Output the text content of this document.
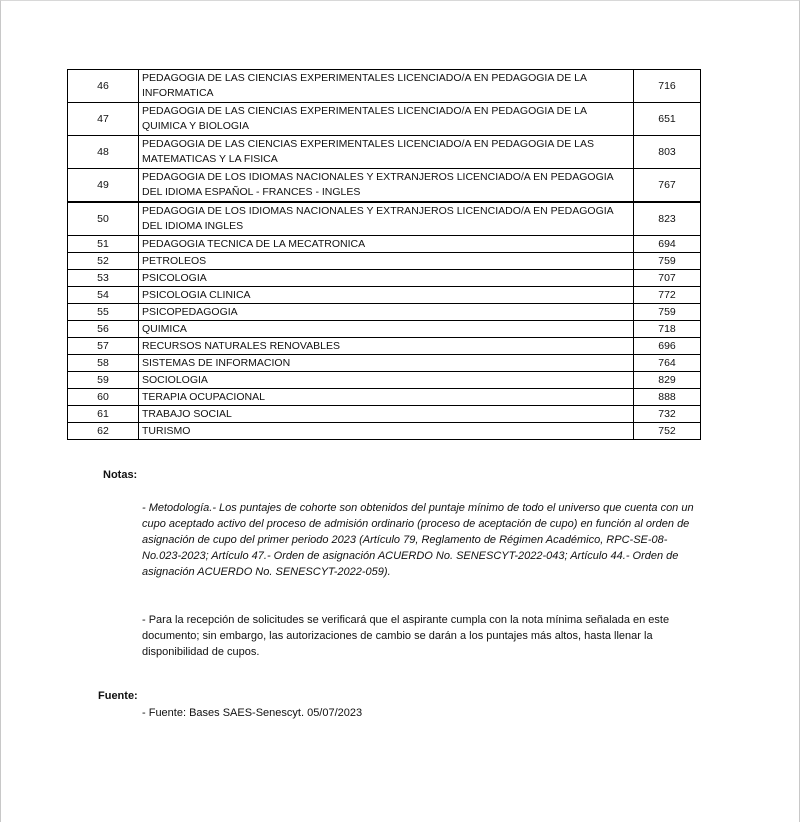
46	PEDAGOGIA DE LAS CIENCIAS EXPERIMENTALES LICENCIADO/A EN PEDAGOGIA DE LA INFORMATICA	716
47	PEDAGOGIA DE LAS CIENCIAS EXPERIMENTALES LICENCIADO/A EN PEDAGOGIA DE LA QUIMICA Y BIOLOGIA	651
48	PEDAGOGIA DE LAS CIENCIAS EXPERIMENTALES LICENCIADO/A EN PEDAGOGIA DE LAS MATEMATICAS Y LA FISICA	803
49	PEDAGOGIA DE LOS IDIOMAS NACIONALES Y EXTRANJEROS LICENCIADO/A EN PEDAGOGIA DEL IDIOMA ESPAÑOL - FRANCES - INGLES	767
50	PEDAGOGIA DE LOS IDIOMAS NACIONALES Y EXTRANJEROS LICENCIADO/A EN PEDAGOGIA DEL IDIOMA INGLES	823
51	PEDAGOGIA TECNICA DE LA MECATRONICA	694
52	PETROLEOS	759
53	PSICOLOGIA	707
54	PSICOLOGIA CLINICA	772
55	PSICOPEDAGOGIA	759
56	QUIMICA	718
57	RECURSOS NATURALES RENOVABLES	696
58	SISTEMAS DE INFORMACION	764
59	SOCIOLOGIA	829
60	TERAPIA OCUPACIONAL	888
61	TRABAJO SOCIAL	732
62	TURISMO	752
Notas:
- Metodología.- Los puntajes de cohorte son obtenidos del puntaje mínimo de todo el universo que cuenta con un cupo aceptado activo del proceso de admisión ordinario (proceso de aceptación de cupo) en función al orden de asignación de cupo del primer periodo 2023 (Artículo 79, Reglamento de Régimen Académico, RPC-SE-08-No.023-2023; Artículo 47.- Orden de asignación ACUERDO No. SENESCYT-2022-043; Artículo 44.- Orden de asignación ACUERDO No. SENESCYT-2022-059).
- Para la recepción de solicitudes se verificará que el aspirante cumpla con la nota mínima señalada en este documento; sin embargo, las autorizaciones de cambio se darán a los puntajes más altos, hasta llenar la disponibilidad de cupos.
Fuente:
- Fuente: Bases SAES-Senescyt. 05/07/2023
